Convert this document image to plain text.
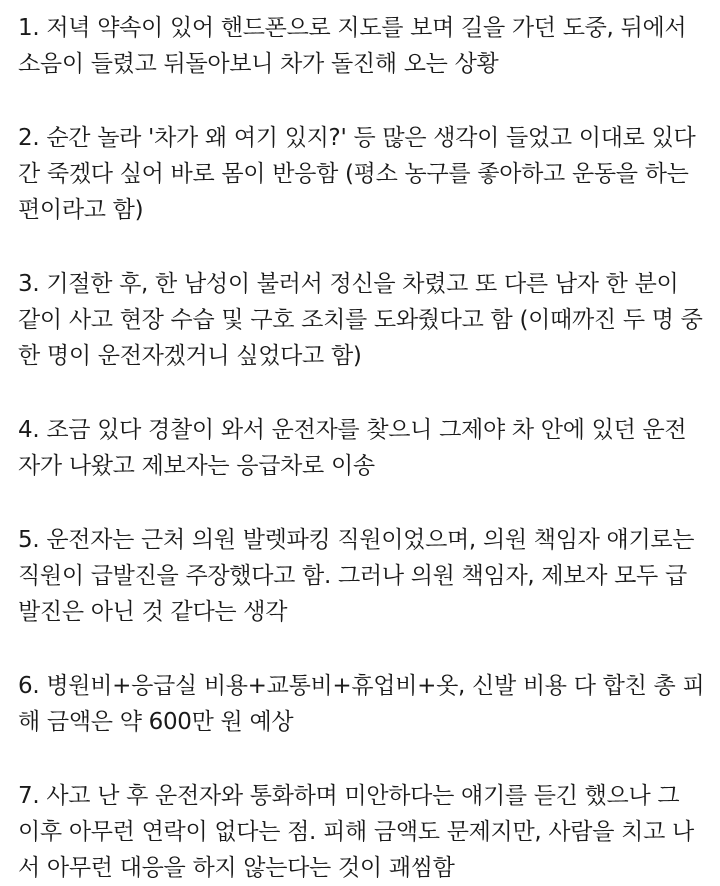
1. 저녁 약속이 있어 핸드폰으로 지도를 보며 길을 가던 도중, 뒤에서
소음이 들렸고 뒤돌아보니 차가 돌진해 오는 상황
2. 순간 놀라 '차가 왜 여기 있지?' 등 많은 생각이 들었고 이대로 있다
간 죽겠다 싶어 바로 몸이 반응함 (평소 농구를 좋아하고 운동을 하는
편이라고 함)
3. 기절한 후, 한 남성이 불러서 정신을 차렸고 또 다른 남자 한 분이
같이 사고 현장 수습 및 구호 조치를 도와줬다고 함 (이때까진 두 명 중
한 명이 운전자겠거니 싶었다고 함)
4. 조금 있다 경찰이 와서 운전자를 찾으니 그제야 차 안에 있던 운전
자가 나왔고 제보자는 응급차로 이송
5. 운전자는 근처 의원 발렛파킹 직원이었으며, 의원 책임자 얘기로는
직원이 급발진을 주장했다고 함. 그러나 의원 책임자, 제보자 모두 급
발진은 아닌 것 같다는 생각
6. 병원비+응급실 비용+교통비+휴업비+옷, 신발 비용 다 합친 총 피
해 금액은 약 600만 원 예상
7. 사고 난 후 운전자와 통화하며 미안하다는 얘기를 듣긴 했으나 그
이후 아무런 연락이 없다는 점. 피해 금액도 문제지만, 사람을 치고 나
서 아무런 대응을 하지 않는다는 것이 괘씸함
